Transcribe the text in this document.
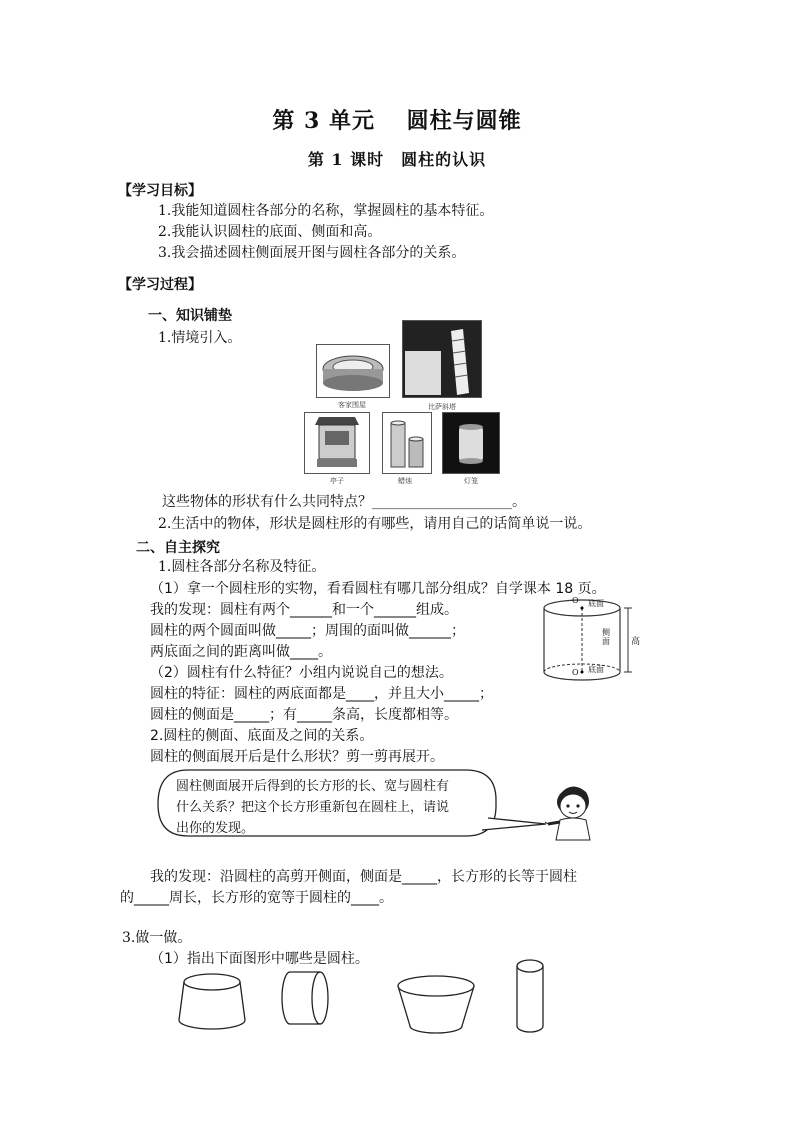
第 3 单元　 圆柱与圆锥
第 1 课时　圆柱的认识
【学习目标】
1.我能知道圆柱各部分的名称，掌握圆柱的基本特征。
2.我能认识圆柱的底面、侧面和高。
3.我会描述圆柱侧面展开图与圆柱各部分的关系。
【学习过程】
一、知识铺垫
1.情境引入。
客家围屋	比萨斜塔
亭子	蜡烛	灯笼
这些物体的形状有什么共同特点？____________________。
2.生活中的物体，形状是圆柱形的有哪些，请用自己的话简单说一说。
二、自主探究
1.圆柱各部分名称及特征。
（1）拿一个圆柱形的实物，看看圆柱有哪几部分组成？自学课本 18 页。
我的发现：圆柱有两个______和一个______组成。
圆柱的两个圆面叫做_____；周围的面叫做______；
两底面之间的距离叫做____。
（2）圆柱有什么特征？小组内说说自己的想法。
圆柱的特征：圆柱的两底面都是____，并且大小_____；
圆柱的侧面是_____；有_____条高，长度都相等。
2.圆柱的侧面、底面及之间的关系。
圆柱的侧面展开后是什么形状？剪一剪再展开。
O 底面
侧面 高
O 底面
圆柱侧面展开后得到的长方形的长、宽与圆柱有
什么关系？把这个长方形重新包在圆柱上，请说
出你的发现。
我的发现：沿圆柱的高剪开侧面，侧面是_____，长方形的长等于圆柱
的_____周长，长方形的宽等于圆柱的____。
3.做一做。
（1）指出下面图形中哪些是圆柱。
